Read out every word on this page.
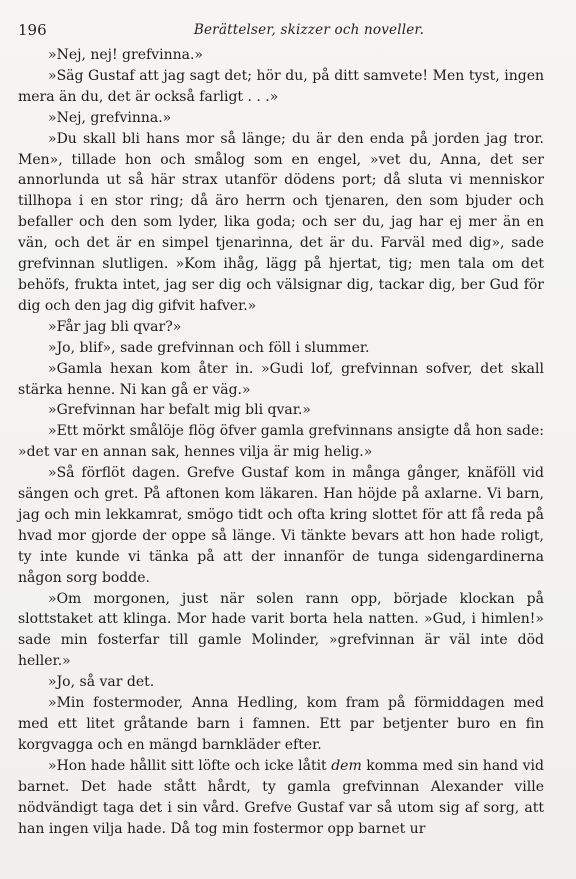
196	Berättelser, skizzer och noveller.

»Nej, nej! grefvinna.»

»Säg Gustaf att jag sagt det; hör du, på ditt samvete! Men tyst, ingen mera än du, det är också farligt . . .»

»Nej, grefvinna.»

»Du skall bli hans mor så länge; du är den enda på jorden jag tror. Men», tillade hon och smålog som en engel, »vet du, Anna, det ser annorlunda ut så här strax utanför dödens port; då sluta vi menniskor tillhopa i en stor ring; då äro herrn och tjenaren, den som bjuder och befaller och den som lyder, lika goda; och ser du, jag har ej mer än en vän, och det är en simpel tjenarinna, det är du. Farväl med dig», sade grefvinnan slutligen. »Kom ihåg, lägg på hjertat, tig; men tala om det behöfs, frukta intet, jag ser dig och välsignar dig, tackar dig, ber Gud för dig och den jag dig gifvit hafver.»

»Får jag bli qvar?»

»Jo, blif», sade grefvinnan och föll i slummer.

»Gamla hexan kom åter in. »Gudi lof, grefvinnan sofver, det skall stärka henne. Ni kan gå er väg.»

»Grefvinnan har befalt mig bli qvar.»

»Ett mörkt smålöje flög öfver gamla grefvinnans ansigte då hon sade: »det var en annan sak, hennes vilja är mig helig.»

»Så förflöt dagen. Grefve Gustaf kom in många gånger, knäföll vid sängen och gret. På aftonen kom läkaren. Han höjde på axlarne. Vi barn, jag och min lekkamrat, smögo tidt och ofta kring slottet för att få reda på hvad mor gjorde der oppe så länge. Vi tänkte bevars att hon hade roligt, ty inte kunde vi tänka på att der innanför de tunga sidengardinerna någon sorg bodde.

»Om morgonen, just när solen rann opp, började klockan på slottstaket att klinga. Mor hade varit borta hela natten. »Gud, i himlen!» sade min fosterfar till gamle Molinder, »grefvinnan är väl inte död heller.»

»Jo, så var det.

»Min fostermoder, Anna Hedling, kom fram på förmiddagen med med ett litet gråtande barn i famnen. Ett par betjenter buro en fin korgvagga och en mängd barnkläder efter.

»Hon hade hållit sitt löfte och icke låtit dem komma med sin hand vid barnet. Det hade stått hårdt, ty gamla grefvinnan Alexander ville nödvändigt taga det i sin vård. Grefve Gustaf var så utom sig af sorg, att han ingen vilja hade. Då tog min fostermor opp barnet ur
